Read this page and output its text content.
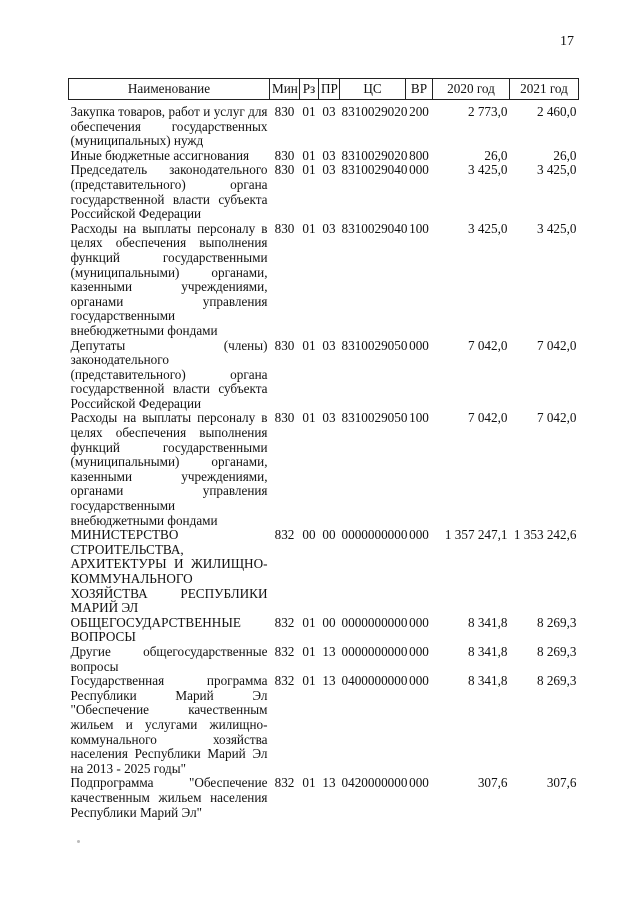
17
Наименование	Мин	Рз	ПР	ЦС	ВР	2020 год	2021 год

Закупка товаров, работ и услуг для обеспечения государственных (муниципальных) нужд	830	01	03	8310029020	200	2 773,0	2 460,0
Иные бюджетные ассигнования	830	01	03	8310029020	800	26,0	26,0
Председатель законодательного (представительного) органа государственной власти субъекта Российской Федерации	830	01	03	8310029040	000	3 425,0	3 425,0
Расходы на выплаты персоналу в целях обеспечения выполнения функций государственными (муниципальными) органами, казенными учреждениями, органами управления государственными внебюджетными фондами	830	01	03	8310029040	100	3 425,0	3 425,0
Депутаты (члены) законодательного (представительного) органа государственной власти субъекта Российской Федерации	830	01	03	8310029050	000	7 042,0	7 042,0
Расходы на выплаты персоналу в целях обеспечения выполнения функций государственными (муниципальными) органами, казенными учреждениями, органами управления государственными внебюджетными фондами	830	01	03	8310029050	100	7 042,0	7 042,0
МИНИСТЕРСТВО СТРОИТЕЛЬСТВА, АРХИТЕКТУРЫ И ЖИЛИЩНО-КОММУНАЛЬНОГО ХОЗЯЙСТВА РЕСПУБЛИКИ МАРИЙ ЭЛ	832	00	00	0000000000	000	1 357 247,1	1 353 242,6
ОБЩЕГОСУДАРСТВЕННЫЕ ВОПРОСЫ	832	01	00	0000000000	000	8 341,8	8 269,3
Другие общегосударственные вопросы	832	01	13	0000000000	000	8 341,8	8 269,3
Государственная программа Республики Марий Эл "Обеспечение качественным жильем и услугами жилищно-коммунального хозяйства населения Республики Марий Эл на 2013 - 2025 годы"	832	01	13	0400000000	000	8 341,8	8 269,3
Подпрограмма "Обеспечение качественным жильем населения Республики Марий Эл"	832	01	13	0420000000	000	307,6	307,6
